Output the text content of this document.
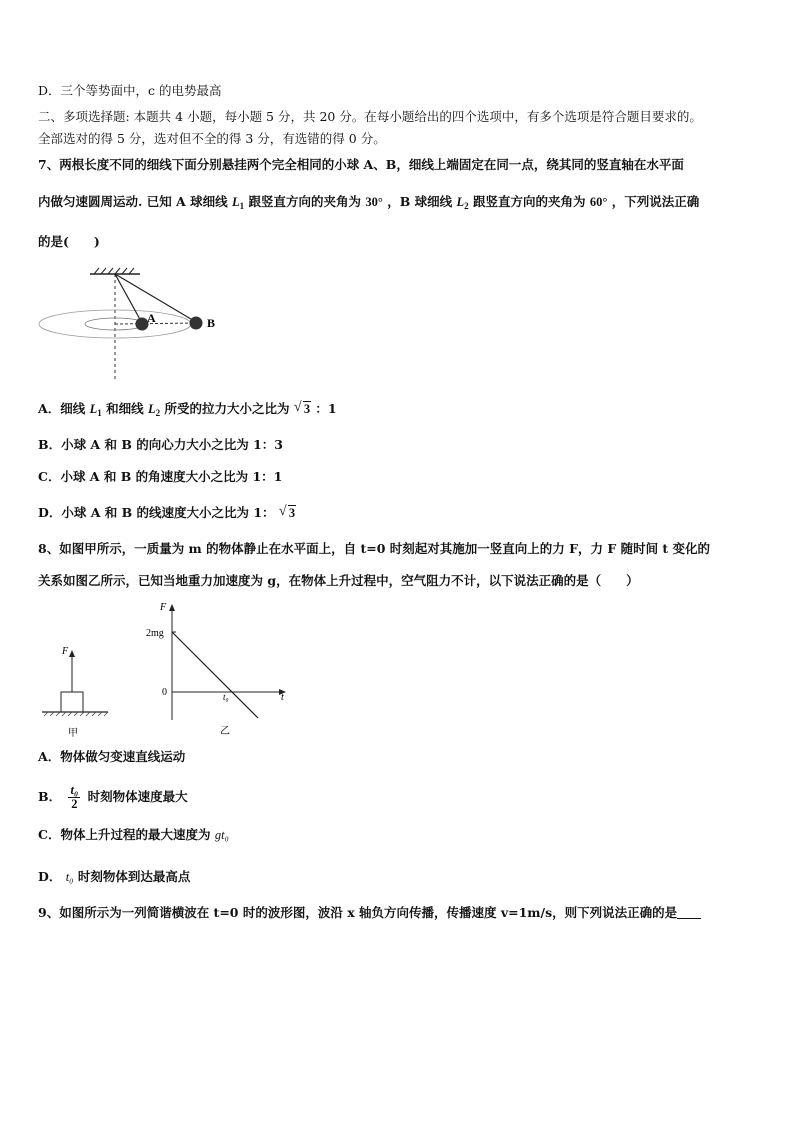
D．三个等势面中，c 的电势最高
二、多项选择题: 本题共 4 小题，每小题 5 分，共 20 分。在每小题给出的四个选项中，有多个选项是符合题目要求的。
全部选对的得 5 分，选对但不全的得 3 分，有选错的得 0 分。
7、两根长度不同的细线下面分别悬挂两个完全相同的小球 A、B，细线上端固定在同一点，绕其同的竖直轴在水平面
内做匀速圆周运动. 已知 A 球细线 $L_1$ 跟竖直方向的夹角为 30° ，B 球细线 $L_2$ 跟竖直方向的夹角为 60° ，下列说法正确
的是(　　)
A	B
A．细线 $L_1$ 和细线 $L_2$ 所受的拉力大小之比为 √ 3 ：1
B．小球 A 和 B 的向心力大小之比为 1：3
C．小球 A 和 B 的角速度大小之比为 1：1
D．小球 A 和 B 的线速度大小之比为 1： √ 3
8、如图甲所示，一质量为 m 的物体静止在水平面上，自 t=0 时刻起对其施加一竖直向上的力 F，力 F 随时间 t 变化的
关系如图乙所示，已知当地重力加速度为 g，在物体上升过程中，空气阻力不计，以下说法正确的是（　　）
F
甲
F
2mg
0	t₀	t
乙
A．物体做匀变速直线运动
B． $\frac{\text{t₀}}{2}$ 时刻物体速度最大
C．物体上升过程的最大速度为 gt₀
D． t₀ 时刻物体到达最高点
9、如图所示为一列简谐横波在 t=0 时的波形图，波沿 x 轴负方向传播，传播速度 v=1m/s，则下列说法正确的是
